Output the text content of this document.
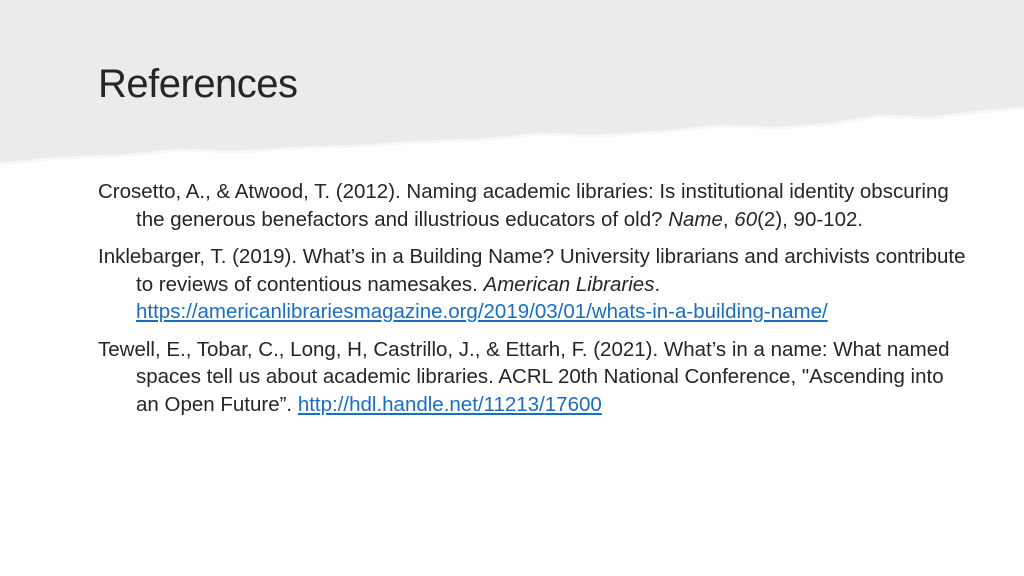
References

Crosetto, A., & Atwood, T. (2012). Naming academic libraries: Is institutional identity obscuring the generous benefactors and illustrious educators of old? Name, 60(2), 90-102.

Inklebarger, T. (2019). What’s in a Building Name? University librarians and archivists contribute to reviews of contentious namesakes. American Libraries. https://americanlibrariesmagazine.org/2019/03/01/whats-in-a-building-name/

Tewell, E., Tobar, C., Long, H, Castrillo, J., & Ettarh, F. (2021). What’s in a name: What named spaces tell us about academic libraries. ACRL 20th National Conference, "Ascending into an Open Future”. http://hdl.handle.net/11213/17600
